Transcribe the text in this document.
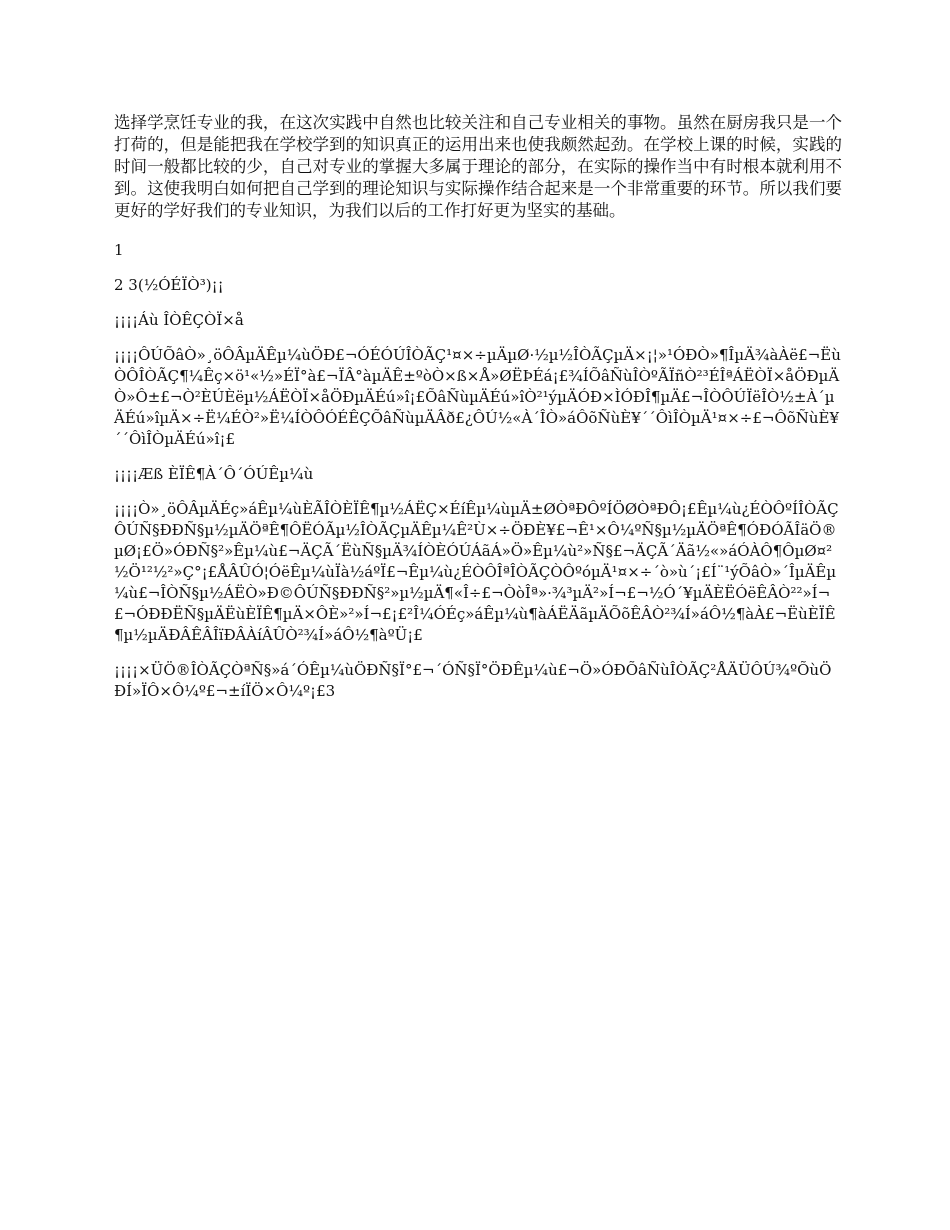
选择学烹饪专业的我，在这次实践中自然也比较关注和自己专业相关的事物。虽然在厨房我只是一个打荷的，但是能把我在学校学到的知识真正的运用出来也使我颇然起劲。在学校上课的时候，实践的时间一般都比较的少，自己对专业的掌握大多属于理论的部分，在实际的操作当中有时根本就利用不到。这使我明白如何把自己学到的理论知识与实际操作结合起来是一个非常重要的环节。所以我们要更好的学好我们的专业知识，为我们以后的工作打好更为坚实的基础。

1

2 3(½ÓÉÏÒ³)¡¡

¡¡¡¡Áù ÎÒÊÇÒÏ×å

¡¡¡¡ÔÚÕâÒ»¸öÔÂµÄÊµ¼ùÖÐ£¬ÓÉÓÚÎÒÃÇ¹¤×÷µÄµØ·½µ½ÎÒÃÇµÄ×¡¦»¹ÓÐÒ»¶ÎµÄ¾àÀë£¬ËùÒÔÎÒÃÇ¶¼Êç×ö¹«½»ÉÏ°à£¬ÏÂ°àµÄÊ±ºòÒ×ß×Å»ØËÞÉá¡£¾ÍÕâÑùÎÒºÃÏñÒ²³ÉÎªÁËÒÏ×åÖÐµÄÒ»Ô±£¬Ò²ÈÚÈëµ½ÁËÒÏ×åÖÐµÄÉú»î¡£ÕâÑùµÄÉú»îÒ²¹ýµÄÓÐ×ÌÓÐÎ¶µÄ£¬ÎÒÔÚÏëÎÒ½±À´µÄÉú»îµÄ×÷Ë¼ÉÒ²»Ë¼ÍÒÔÓÉÊÇÕâÑùµÄÂð£¿ÔÚ½«À´ÎÒ»áÔõÑùÈ¥´´ÔìÎÒµÄ¹¤×÷£¬ÔõÑùÈ¥´´ÔìÎÒµÄÉú»î¡£

¡¡¡¡Æß ÈÏÊ¶À´Ô´ÓÚÊµ¼ù

¡¡¡¡Ò»¸öÔÂµÄÉç»áÊµ¼ùÈÃÎÒÈÏÊ¶µ½ÁËÇ×ÉíÊµ¼ùµÄ±ØÒªÐÔºÍÖØÒªÐÔ¡£Êµ¼ù¿ÉÒÔºÍÎÒÃÇÔÚÑ§ÐÐÑ§µ½µÄÖªÊ¶ÔËÓÃµ½ÎÒÃÇµÄÊµ¼Ê²Ù×÷ÖÐÈ¥£¬Ê¹×Ô¼ºÑ§µ½µÄÖªÊ¶ÓÐÓÃÎäÖ®µØ¡£Ö»ÓÐÑ§²»Êµ¼ù£¬ÄÇÃ´ËùÑ§µÄ¾ÍÒÈÓÚÁãÁ»Ö»Êµ¼ù²»Ñ§£¬ÄÇÃ´Äã½«»áÓÀÔ¶ÔµØ¤²½Ö¹²½²»Ç°¡£ÅÂÛÓ¦ÓëÊµ¼ùÏà½áºÏ£¬Êµ¼ù¿ÉÒÔÎªÎÒÃÇÒÔºóµÄ¹¤×÷´ò»ù´¡£Í¨¹ýÕâÒ»´ÎµÄÊµ¼ù£¬ÎÒÑ§µ½ÁËÒ»Ð©ÔÚÑ§ÐÐÑ§²»µ½µÄ¶«Î÷£¬ÒòÎª»·¾³µÄ²»Í¬£¬½Ó´¥µÄÈËÓëÊÂÒ²²»Í¬£¬ÓÐÐËÑ§µÄËùÈÏÊ¶µÄ×ÔÈ»²»Í¬£¡£²Î¼ÓÉç»áÊµ¼ù¶àÁËÄãµÄÕõÊÂÒ²¾Í»áÔ½¶àÀ£¬ËùÈÏÊ¶µ½µÄÐÂÊÂÎïÐÂÀíÂÛÒ²¾Í»áÔ½¶àºÜ¡£

¡¡¡¡×ÜÖ®ÎÒÃÇÒªÑ§»á´ÓÊµ¼ùÖÐÑ§Ï°£¬´ÓÑ§Ï°ÖÐÊµ¼ù£¬Ö»ÓÐÕâÑùÎÒÃÇ²ÅÄÜÔÚ¾ºÕùÖÐÍ»ÏÔ×Ô¼º£¬±íÏÖ×Ô¼º¡£3
